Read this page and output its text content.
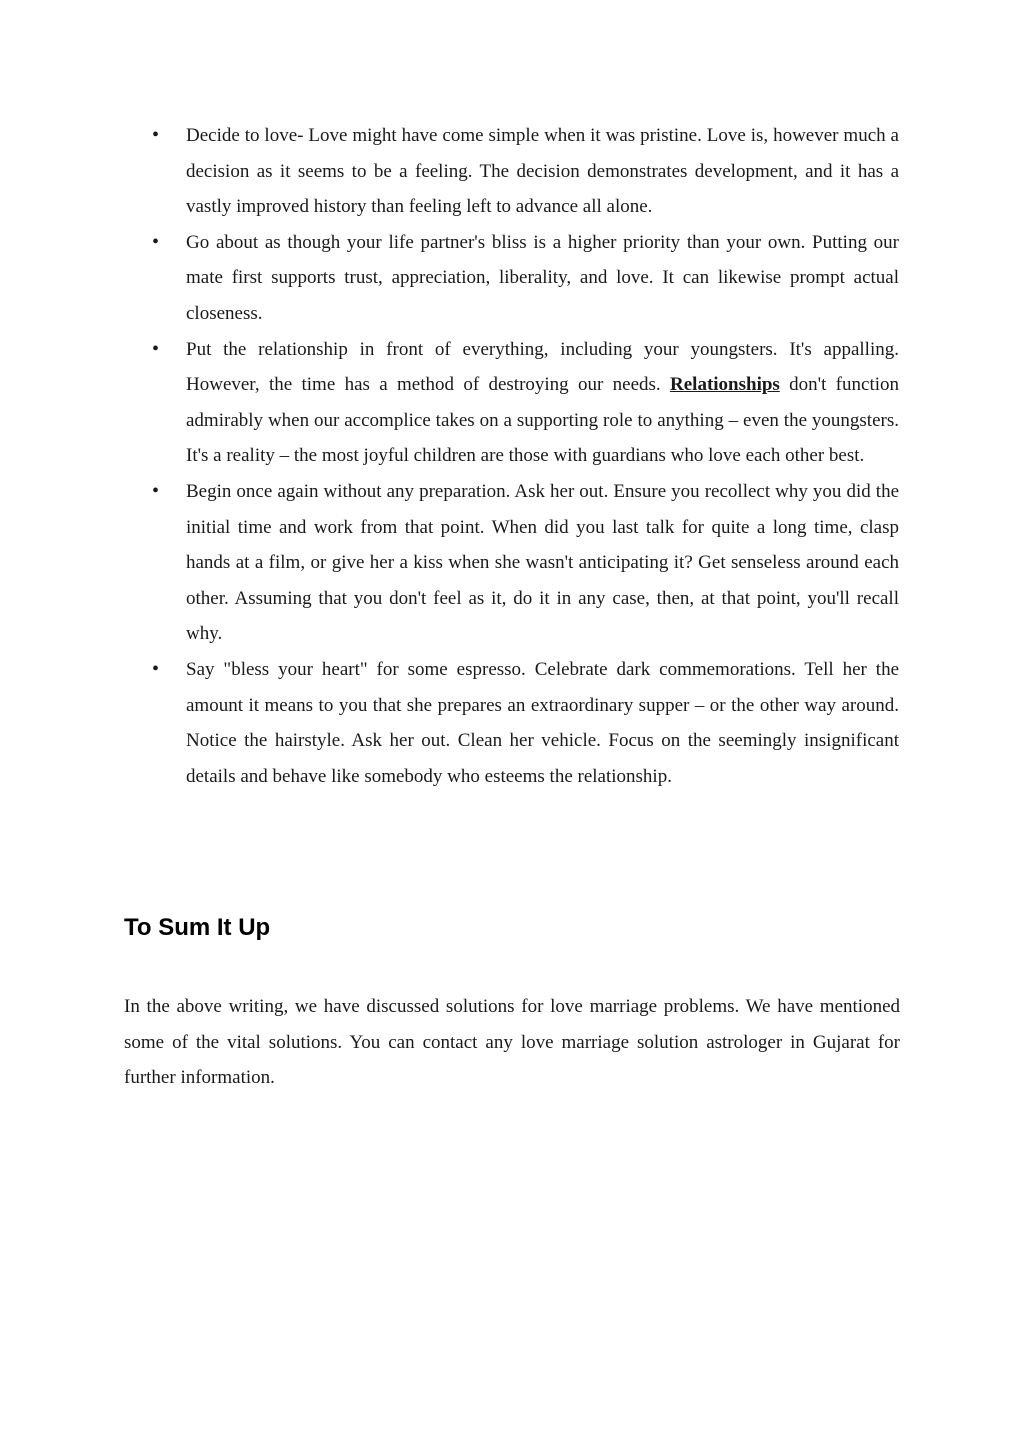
• Decide to love- Love might have come simple when it was pristine. Love is, however much a decision as it seems to be a feeling. The decision demonstrates development, and it has a vastly improved history than feeling left to advance all alone.
• Go about as though your life partner's bliss is a higher priority than your own. Putting our mate first supports trust, appreciation, liberality, and love. It can likewise prompt actual closeness.
• Put the relationship in front of everything, including your youngsters. It's appalling. However, the time has a method of destroying our needs. Relationships don't function admirably when our accomplice takes on a supporting role to anything – even the youngsters. It's a reality – the most joyful children are those with guardians who love each other best.
• Begin once again without any preparation. Ask her out. Ensure you recollect why you did the initial time and work from that point. When did you last talk for quite a long time, clasp hands at a film, or give her a kiss when she wasn't anticipating it? Get senseless around each other. Assuming that you don't feel as it, do it in any case, then, at that point, you'll recall why.
• Say "bless your heart" for some espresso. Celebrate dark commemorations. Tell her the amount it means to you that she prepares an extraordinary supper – or the other way around. Notice the hairstyle. Ask her out. Clean her vehicle. Focus on the seemingly insignificant details and behave like somebody who esteems the relationship.
To Sum It Up

In the above writing, we have discussed solutions for love marriage problems. We have mentioned some of the vital solutions. You can contact any love marriage solution astrologer in Gujarat for further information.
